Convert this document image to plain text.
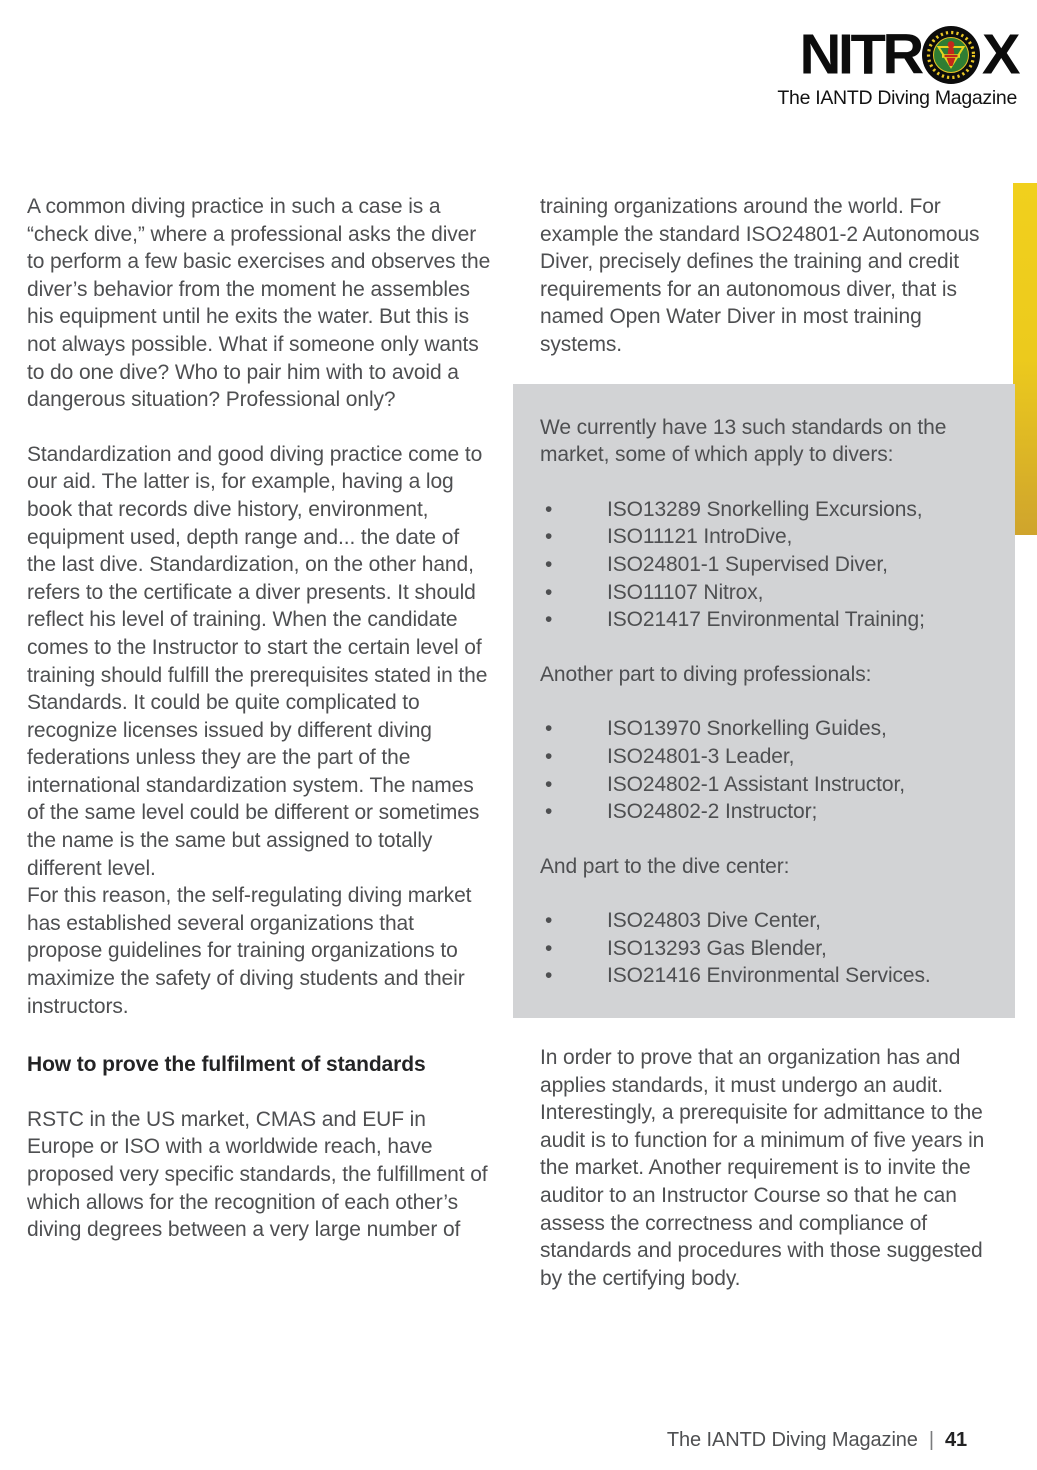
NITR X
The IANTD Diving Magazine

A common diving practice in such a case is a “check dive,” where a professional asks the diver to perform a few basic exercises and observes the diver’s behavior from the moment he assembles his equipment until he exits the water. But this is not always possible. What if someone only wants to do one dive? Who to pair him with to avoid a dangerous situation? Professional only?

Standardization and good diving practice come to our aid. The latter is, for example, having a log book that records dive history, environment, equipment used, depth range and... the date of the last dive. Standardization, on the other hand, refers to the certificate a diver presents. It should reflect his level of training. When the candidate comes to the Instructor to start the certain level of training should fulfill the prerequisites stated in the Standards. It could be quite complicated to recognize licenses issued by different diving federations unless they are the part of the international standardization system. The names of the same level could be different or sometimes the name is the same but assigned to totally different level.

For this reason, the self-regulating diving market has established several organizations that propose guidelines for training organizations to maximize the safety of diving students and their instructors.

How to prove the fulfilment of standards

RSTC in the US market, CMAS and EUF in Europe or ISO with a worldwide reach, have proposed very specific standards, the fulfillment of which allows for the recognition of each other’s diving degrees between a very large number of

training organizations around the world. For example the standard ISO24801-2 Autonomous Diver, precisely defines the training and credit requirements for an autonomous diver, that is named Open Water Diver in most training systems.

We currently have 13 such standards on the market, some of which apply to divers:

•	ISO13289 Snorkelling Excursions,
•	ISO11121 IntroDive,
•	ISO24801-1 Supervised Diver,
•	ISO11107 Nitrox,
•	ISO21417 Environmental Training;

Another part to diving professionals:

•	ISO13970 Snorkelling Guides,
•	ISO24801-3 Leader,
•	ISO24802-1 Assistant Instructor,
•	ISO24802-2 Instructor;

And part to the dive center:

•	ISO24803 Dive Center,
•	ISO13293 Gas Blender,
•	ISO21416 Environmental Services.

In order to prove that an organization has and applies standards, it must undergo an audit. Interestingly, a prerequisite for admittance to the audit is to function for a minimum of five years in the market. Another requirement is to invite the auditor to an Instructor Course so that he can assess the correctness and compliance of standards and procedures with those suggested by the certifying body.

The IANTD Diving Magazine | 41
